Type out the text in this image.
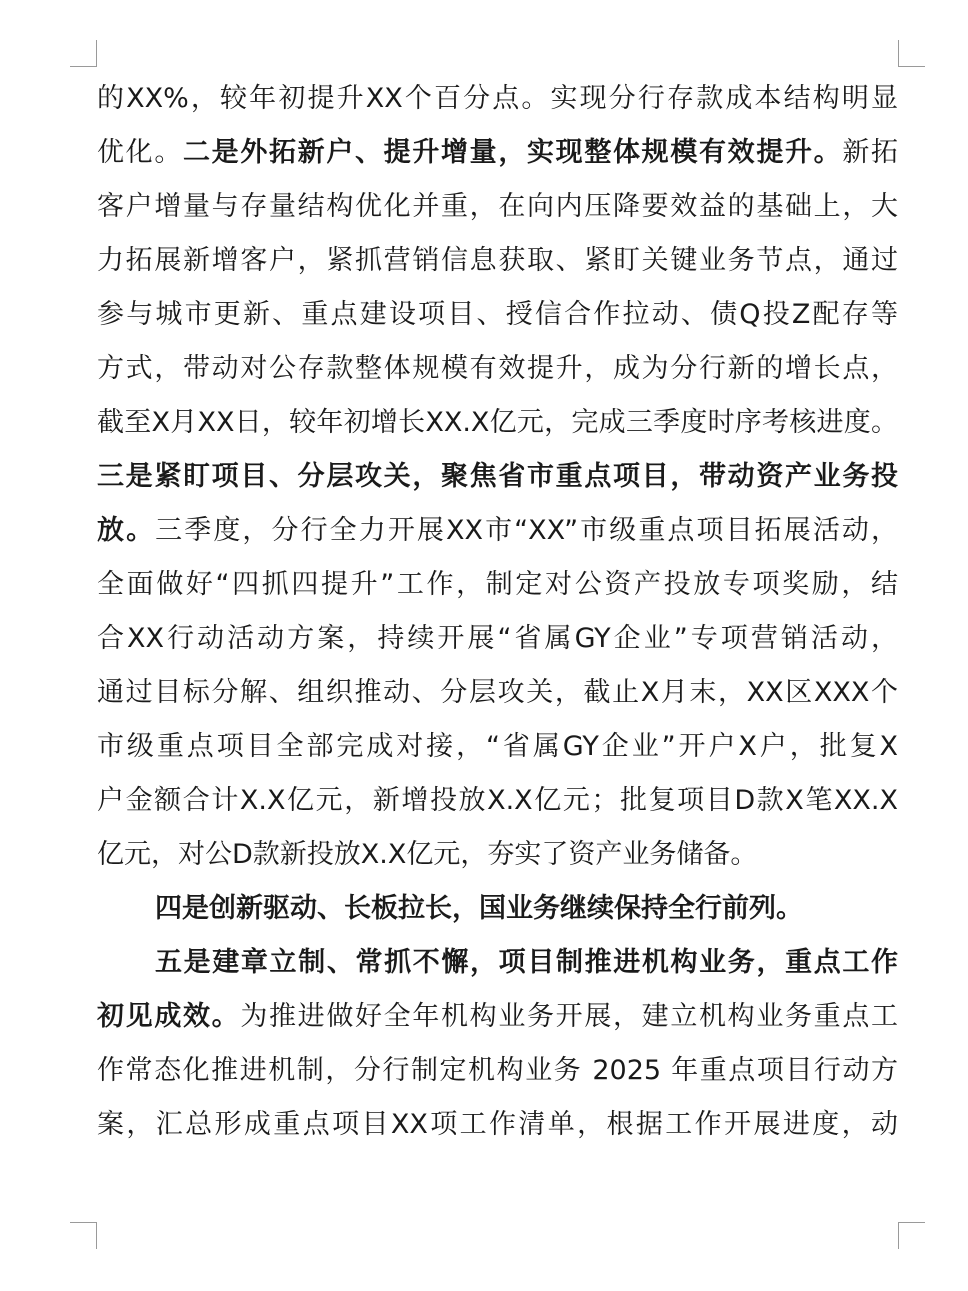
的XX%，较年初提升XX个百分点。实现分行存款成本结构明显
优化。二是外拓新户、提升增量，实现整体规模有效提升。新拓
客户增量与存量结构优化并重，在向内压降要效益的基础上，大
力拓展新增客户，紧抓营销信息获取、紧盯关键业务节点，通过
参与城市更新、重点建设项目、授信合作拉动、债Q投Z配存等
方式，带动对公存款整体规模有效提升，成为分行新的增长点，
截至X月XX日，较年初增长XX.X亿元，完成三季度时序考核进度。
三是紧盯项目、分层攻关，聚焦省市重点项目，带动资产业务投
放。三季度，分行全力开展XX市“XX”市级重点项目拓展活动，
全面做好“四抓四提升”工作，制定对公资产投放专项奖励，结
合XX行动活动方案，持续开展“省属GY企业”专项营销活动，
通过目标分解、组织推动、分层攻关，截止X月末，XX区XXX个
市级重点项目全部完成对接，“省属GY企业”开户X户，批复X
户金额合计X.X亿元，新增投放X.X亿元；批复项目D款X笔XX.X
亿元，对公D款新投放X.X亿元，夯实了资产业务储备。
四是创新驱动、长板拉长，国业务继续保持全行前列。
五是建章立制、常抓不懈，项目制推进机构业务，重点工作
初见成效。为推进做好全年机构业务开展，建立机构业务重点工
作常态化推进机制，分行制定机构业务 2025 年重点项目行动方
案，汇总形成重点项目XX项工作清单，根据工作开展进度，动
